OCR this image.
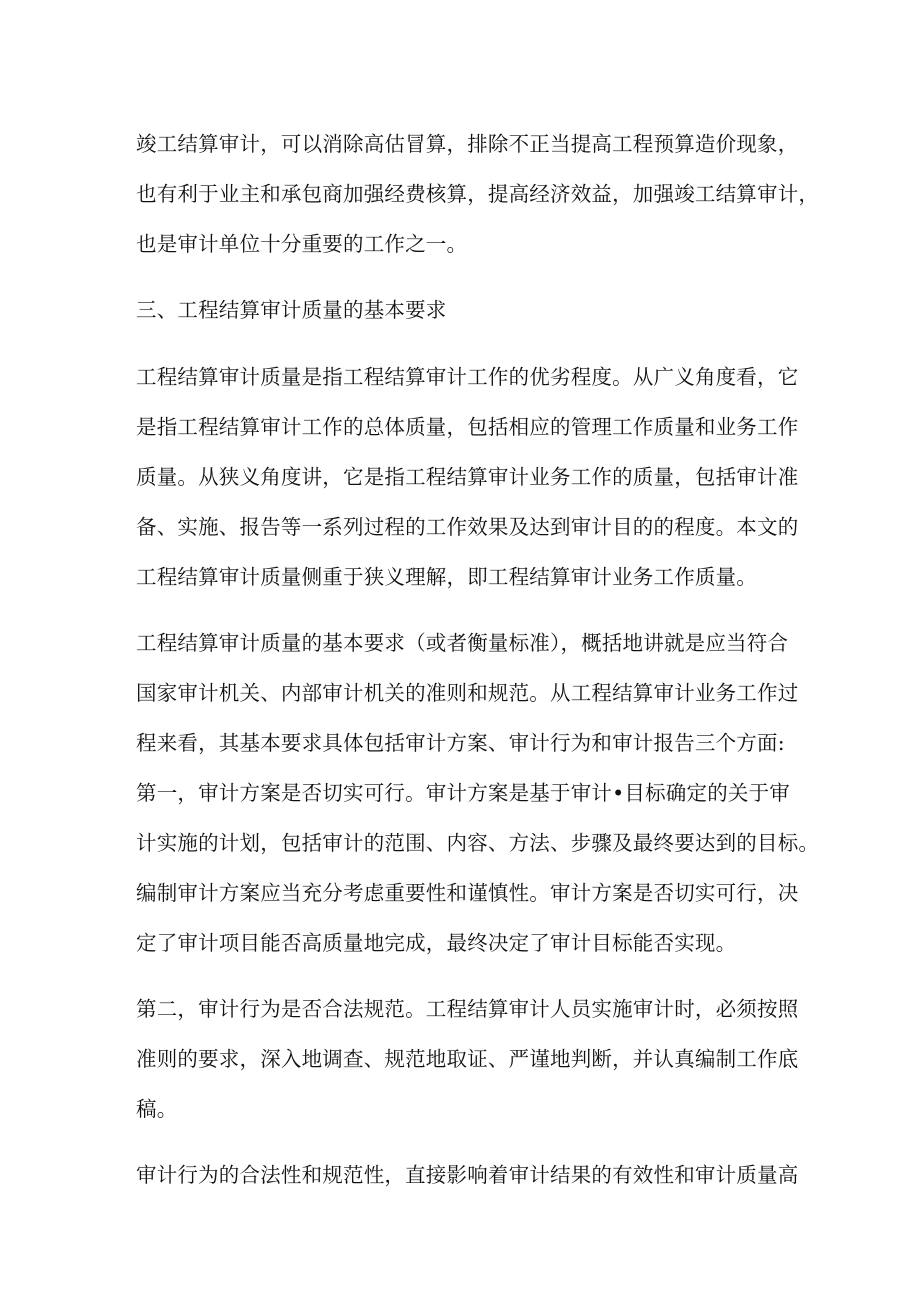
竣工结算审计，可以消除高估冒算，排除不正当提高工程预算造价现象，

也有利于业主和承包商加强经费核算，提高经济效益，加强竣工结算审计，

也是审计单位十分重要的工作之一。

三、工程结算审计质量的基本要求

工程结算审计质量是指工程结算审计工作的优劣程度。从广义角度看，它

是指工程结算审计工作的总体质量，包括相应的管理工作质量和业务工作

质量。从狭义角度讲，它是指工程结算审计业务工作的质量，包括审计准

备、实施、报告等一系列过程的工作效果及达到审计目的的程度。本文的

工程结算审计质量侧重于狭义理解，即工程结算审计业务工作质量。

工程结算审计质量的基本要求（或者衡量标准），概括地讲就是应当符合

国家审计机关、内部审计机关的准则和规范。从工程结算审计业务工作过

程来看，其基本要求具体包括审计方案、审计行为和审计报告三个方面:

第一，审计方案是否切实可行。审计方案是基于审计•目标确定的关于审

计实施的计划，包括审计的范围、内容、方法、步骤及最终要达到的目标。

编制审计方案应当充分考虑重要性和谨慎性。审计方案是否切实可行，决

定了审计项目能否高质量地完成，最终决定了审计目标能否实现。

第二，审计行为是否合法规范。工程结算审计人员实施审计时，必须按照

准则的要求，深入地调查、规范地取证、严谨地判断，并认真编制工作底

稿。

审计行为的合法性和规范性，直接影响着审计结果的有效性和审计质量高
